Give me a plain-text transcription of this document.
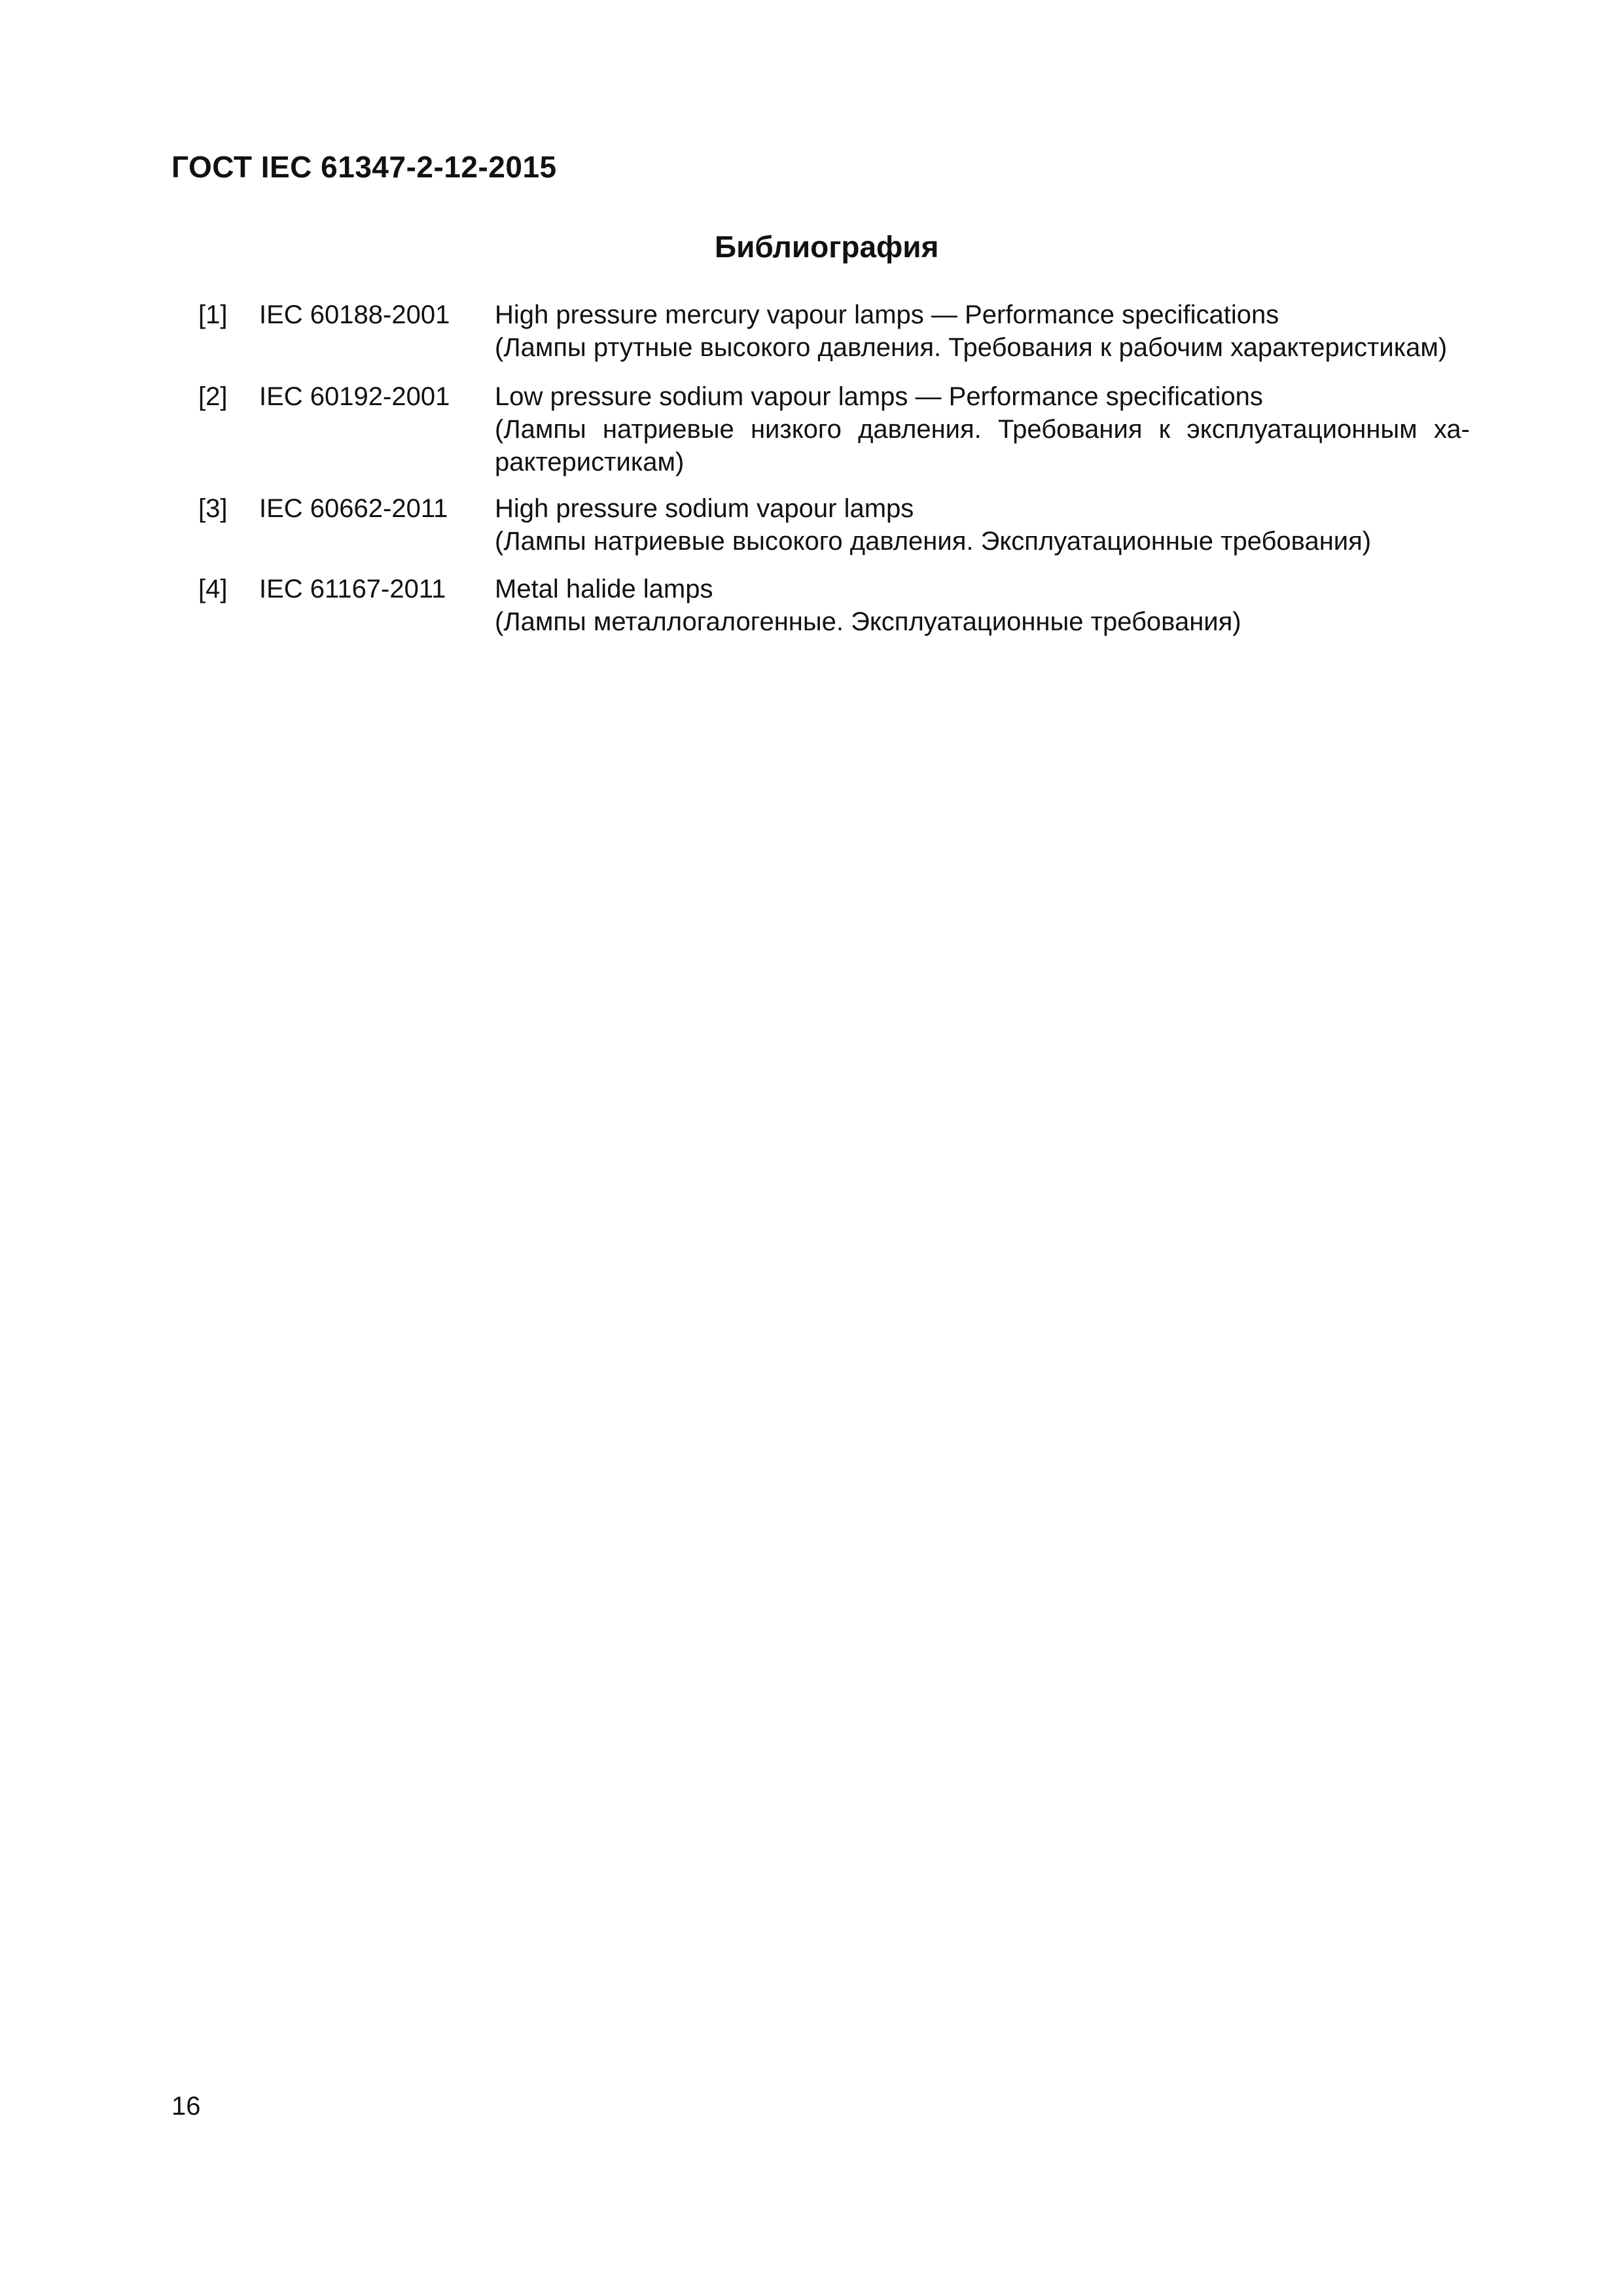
ГОСТ IEC 61347-2-12-2015
Библиография
[1] IEC 60188-2001 High pressure mercury vapour lamps — Performance specifications
(Лампы ртутные высокого давления. Требования к рабочим характеристикам)
[2] IEC 60192-2001 Low pressure sodium vapour lamps — Performance specifications
(Лампы натриевые низкого давления. Требования к эксплуатационным характеристикам)
[3] IEC 60662-2011 High pressure sodium vapour lamps
(Лампы натриевые высокого давления. Эксплуатационные требования)
[4] IEC 61167-2011 Metal halide lamps
(Лампы металлогалогенные. Эксплуатационные требования)
16
